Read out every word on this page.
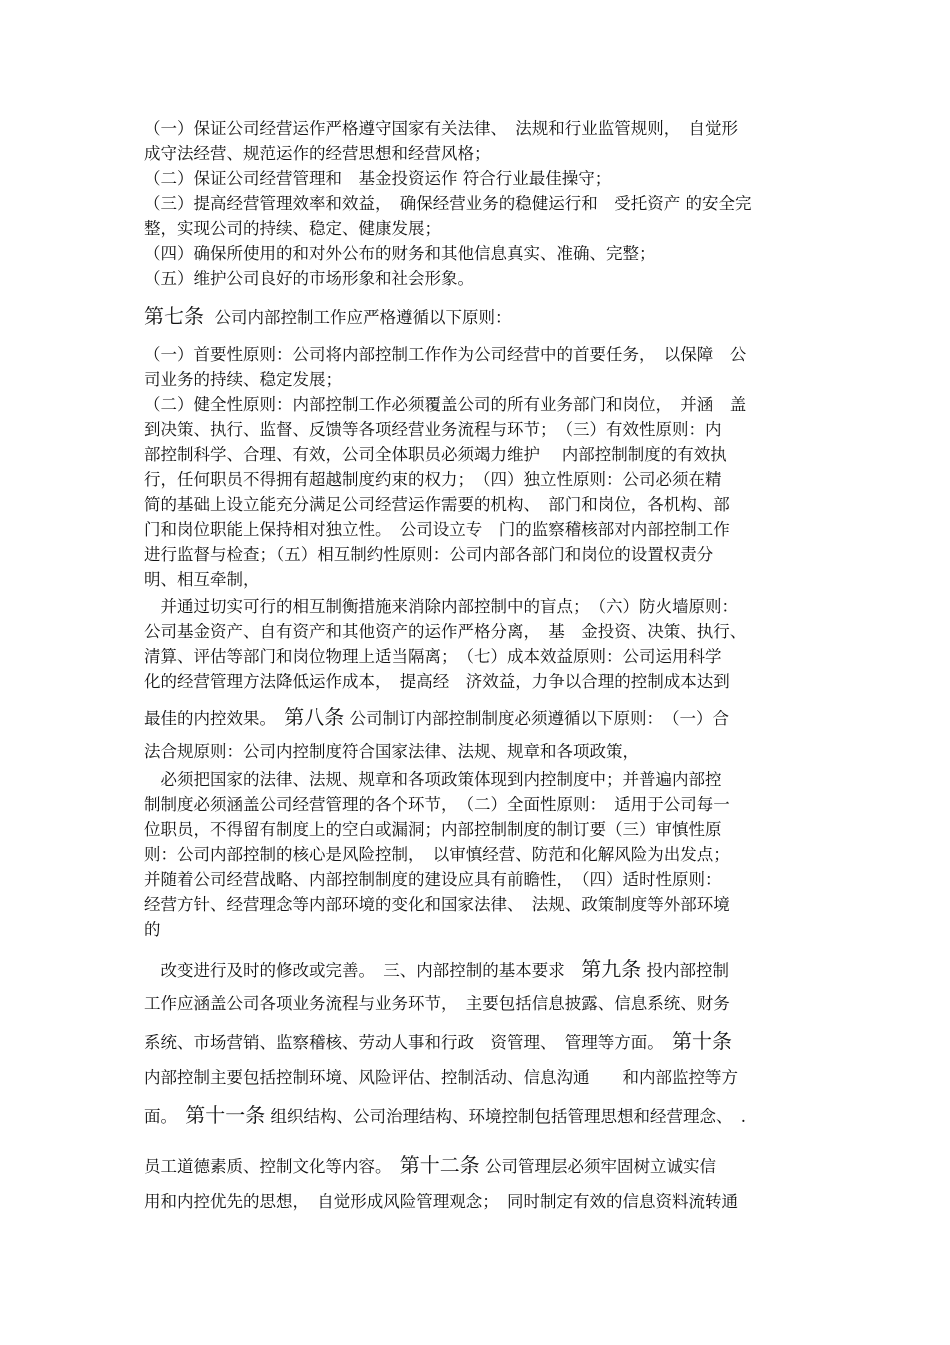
（一）保证公司经营运作严格遵守国家有关法律、　法规和行业监管规则，　自觉形
成守法经营、规范运作的经营思想和经营风格；
（二）保证公司经营管理和　基金投资运作 符合行业最佳操守；
（三）提高经营管理效率和效益，　确保经营业务的稳健运行和　受托资产 的安全完
整，实现公司的持续、稳定、健康发展；
（四）确保所使用的和对外公布的财务和其他信息真实、准确、完整；
（五）维护公司良好的市场形象和社会形象。
第七条 公司内部控制工作应严格遵循以下原则：
（一）首要性原则：公司将内部控制工作作为公司经营中的首要任务，　以保障　公
司业务的持续、稳定发展；
（二）健全性原则：内部控制工作必须覆盖公司的所有业务部门和岗位，　并涵　盖
到决策、执行、监督、反馈等各项经营业务流程与环节；　（三）有效性原则：内
部控制科学、合理、有效，公司全体职员必须竭力维护　 内部控制制度的有效执
行，任何职员不得拥有超越制度约束的权力；　（四）独立性原则：公司必须在精
简的基础上设立能充分满足公司经营运作需要的机构、　部门和岗位，各机构、部
门和岗位职能上保持相对独立性。　公司设立专　门的监察稽核部对内部控制工作
进行监督与检查；（五）相互制约性原则：公司内部各部门和岗位的设置权责分
明、相互牵制，
　并通过切实可行的相互制衡措施来消除内部控制中的盲点；　（六）防火墙原则：
公司基金资产、自有资产和其他资产的运作严格分离，　基　金投资、决策、执行、
清算、评估等部门和岗位物理上适当隔离；　（七）成本效益原则：公司运用科学
化的经营管理方法降低运作成本，　提高经　济效益，力争以合理的控制成本达到
最佳的内控效果。　 第八条 公司制订内部控制制度必须遵循以下原则：　（一）合
法合规原则：公司内控制度符合国家法律、法规、规章和各项政策，
　必须把国家的法律、法规、规章和各项政策体现到内控制度中；并普遍内部控
制制度必须涵盖公司经营管理的各个环节，　（二）全面性原则：　适用于公司每一
位职员，不得留有制度上的空白或漏洞；内部控制制度的制订要（三）审慎性原
则：公司内部控制的核心是风险控制，　以审慎经营、防范和化解风险为出发点；
并随着公司经营战略、内部控制制度的建设应具有前瞻性，　（四）适时性原则：
经营方针、经营理念等内部环境的变化和国家法律、　法规、政策制度等外部环境
的
　改变进行及时的修改或完善。　三、内部控制的基本要求　 第九条 投内部控制
工作应涵盖公司各项业务流程与业务环节，　主要包括信息披露、信息系统、财务
系统、市场营销、监察稽核、劳动人事和行政　资管理、　管理等方面。　 第十条
内部控制主要包括控制环境、风险评估、控制活动、信息沟通　　和内部监控等方
面。　 第十一条 组织结构、公司治理结构、环境控制包括管理思想和经营理念、　.
员工道德素质、控制文化等内容。　 第十二条 公司管理层必须牢固树立诚实信
用和内控优先的思想，　自觉形成风险管理观念；　同时制定有效的信息资料流转通
